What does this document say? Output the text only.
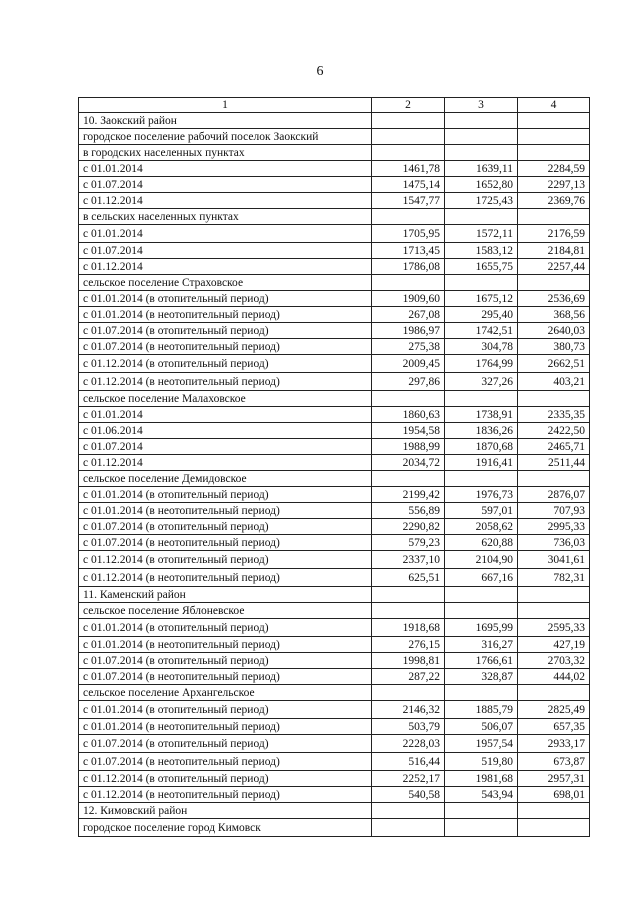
6
1	2	3	4
10. Заокский район			
городское поселение рабочий поселок Заокский			
в городских населенных пунктах			
с 01.01.2014	1461,78	1639,11	2284,59
с 01.07.2014	1475,14	1652,80	2297,13
с 01.12.2014	1547,77	1725,43	2369,76
в сельских населенных пунктах			
с 01.01.2014	1705,95	1572,11	2176,59
с 01.07.2014	1713,45	1583,12	2184,81
с 01.12.2014	1786,08	1655,75	2257,44
сельское поселение Страховское			
с 01.01.2014 (в отопительный период)	1909,60	1675,12	2536,69
с 01.01.2014 (в неотопительный период)	267,08	295,40	368,56
с 01.07.2014 (в отопительный период)	1986,97	1742,51	2640,03
с 01.07.2014 (в неотопительный период)	275,38	304,78	380,73
с 01.12.2014 (в отопительный период)	2009,45	1764,99	2662,51
с 01.12.2014 (в неотопительный период)	297,86	327,26	403,21
сельское поселение Малаховское			
с 01.01.2014	1860,63	1738,91	2335,35
с 01.06.2014	1954,58	1836,26	2422,50
с 01.07.2014	1988,99	1870,68	2465,71
с 01.12.2014	2034,72	1916,41	2511,44
сельское поселение Демидовское			
с 01.01.2014 (в отопительный период)	2199,42	1976,73	2876,07
с 01.01.2014 (в неотопительный период)	556,89	597,01	707,93
с 01.07.2014 (в отопительный период)	2290,82	2058,62	2995,33
с 01.07.2014 (в неотопительный период)	579,23	620,88	736,03
с 01.12.2014 (в отопительный период)	2337,10	2104,90	3041,61
с 01.12.2014 (в неотопительный период)	625,51	667,16	782,31
11. Каменский район			
сельское поселение Яблоневское			
с 01.01.2014 (в отопительный период)	1918,68	1695,99	2595,33
с 01.01.2014 (в неотопительный период)	276,15	316,27	427,19
с 01.07.2014 (в отопительный период)	1998,81	1766,61	2703,32
с 01.07.2014 (в неотопительный период)	287,22	328,87	444,02
сельское поселение Архангельское			
с 01.01.2014 (в отопительный период)	2146,32	1885,79	2825,49
с 01.01.2014 (в неотопительный период)	503,79	506,07	657,35
с 01.07.2014 (в отопительный период)	2228,03	1957,54	2933,17
с 01.07.2014 (в неотопительный период)	516,44	519,80	673,87
с 01.12.2014 (в отопительный период)	2252,17	1981,68	2957,31
с 01.12.2014 (в неотопительный период)	540,58	543,94	698,01
12. Кимовский район			
городское поселение город Кимовск			
